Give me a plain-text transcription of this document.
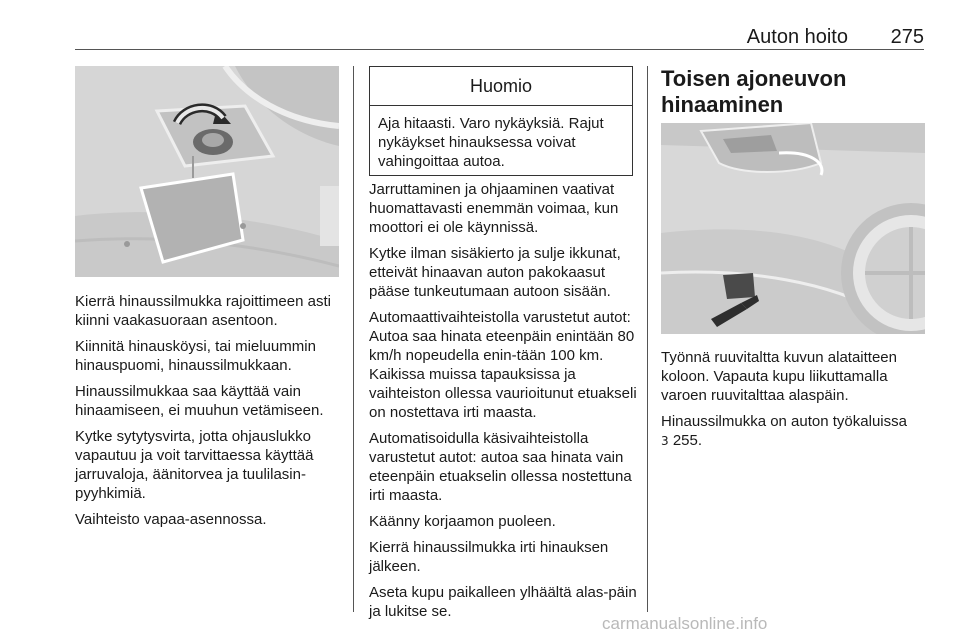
Auton hoito 275

Kierrä hinaussilmukka rajoittimeen asti kiinni vaakasuoraan asentoon.

Kiinnitä hinausköysi, tai mieluummin hinauspuomi, hinaussilmukkaan.

Hinaussilmukkaa saa käyttää vain hinaamiseen, ei muuhun vetämiseen.

Kytke sytytysvirta, jotta ohjauslukko vapautuu ja voit tarvittaessa käyttää jarruvaloja, äänitorvea ja tuulilasin-pyyhkimiä.

Vaihteisto vapaa-asennossa.

Huomio
Aja hitaasti. Varo nykäyksiä. Rajut nykäykset hinauksessa voivat vahingoittaa autoa.

Jarruttaminen ja ohjaaminen vaativat huomattavasti enemmän voimaa, kun moottori ei ole käynnissä.

Kytke ilman sisäkierto ja sulje ikkunat, etteivät hinaavan auton pakokaasut pääse tunkeutumaan autoon sisään.

Automaattivaihteistolla varustetut autot: Autoa saa hinata eteenpäin enintään 80 km/h nopeudella enin-tään 100 km. Kaikissa muissa tapauksissa ja vaihteiston ollessa vaurioitunut etuakseli on nostettava irti maasta.

Automatisoidulla käsivaihteistolla varustetut autot: autoa saa hinata vain eteenpäin etuakselin ollessa nostettuna irti maasta.

Käänny korjaamon puoleen.

Kierrä hinaussilmukka irti hinauksen jälkeen.

Aseta kupu paikalleen ylhäältä alas-päin ja lukitse se.

Toisen ajoneuvon hinaaminen

Työnnä ruuvitaltta kuvun alataitteen koloon. Vapauta kupu liikuttamalla varoen ruuvitalttaa alaspäin.

Hinaussilmukka on auton työkaluissa
3 255.

carmanualsonline.info
